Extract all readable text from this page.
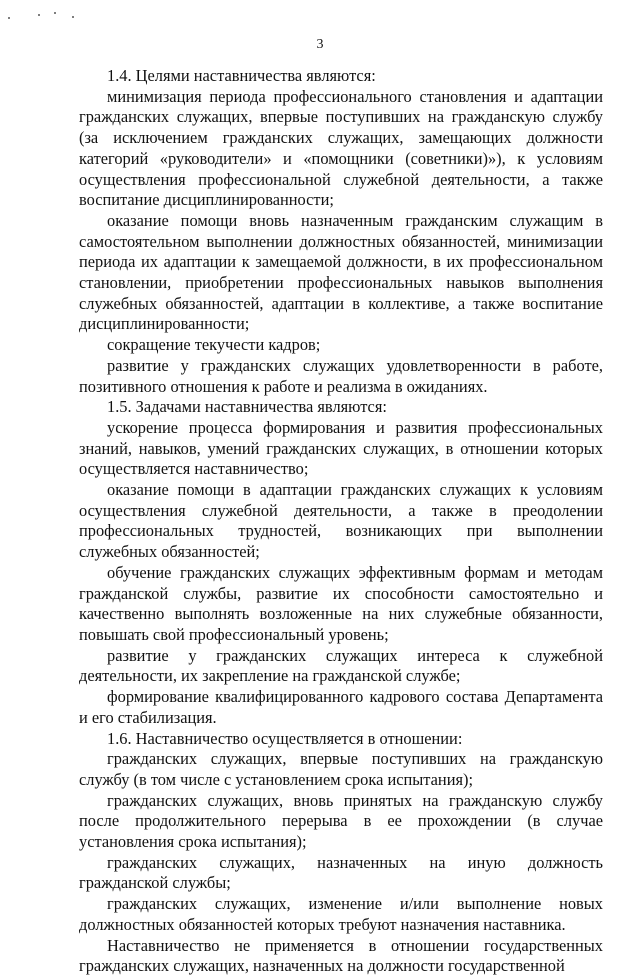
3

1.4. Целями наставничества являются:

минимизация периода профессионального становления и адаптации гражданских служащих, впервые поступивших на гражданскую службу (за исключением гражданских служащих, замещающих должности категорий «руководители» и «помощники (советники)»), к условиям осуществления профессиональной служебной деятельности, а также воспитание дисциплинированности;

оказание помощи вновь назначенным гражданским служащим в самостоятельном выполнении должностных обязанностей, минимизации периода их адаптации к замещаемой должности, в их профессиональном становлении, приобретении профессиональных навыков выполнения служебных обязанностей, адаптации в коллективе, а также воспитание дисциплинированности;

сокращение текучести кадров;

развитие у гражданских служащих удовлетворенности в работе, позитивного отношения к работе и реализма в ожиданиях.

1.5. Задачами наставничества являются:

ускорение процесса формирования и развития профессиональных знаний, навыков, умений гражданских служащих, в отношении которых осуществляется наставничество;

оказание помощи в адаптации гражданских служащих к условиям осуществления служебной деятельности, а также в преодолении профессиональных трудностей, возникающих при выполнении служебных обязанностей;

обучение гражданских служащих эффективным формам и методам гражданской службы, развитие их способности самостоятельно и качественно выполнять возложенные на них служебные обязанности, повышать свой профессиональный уровень;

развитие у гражданских служащих интереса к служебной деятельности, их закрепление на гражданской службе;

формирование квалифицированного кадрового состава Департамента и его стабилизация.

1.6. Наставничество осуществляется в отношении:

гражданских служащих, впервые поступивших на гражданскую службу (в том числе с установлением срока испытания);

гражданских служащих, вновь принятых на гражданскую службу после продолжительного перерыва в ее прохождении (в случае установления срока испытания);

гражданских служащих, назначенных на иную должность гражданской службы;

гражданских служащих, изменение и/или выполнение новых должностных обязанностей которых требуют назначения наставника.

Наставничество не применяется в отношении государственных гражданских служащих, назначенных на должности государственной
